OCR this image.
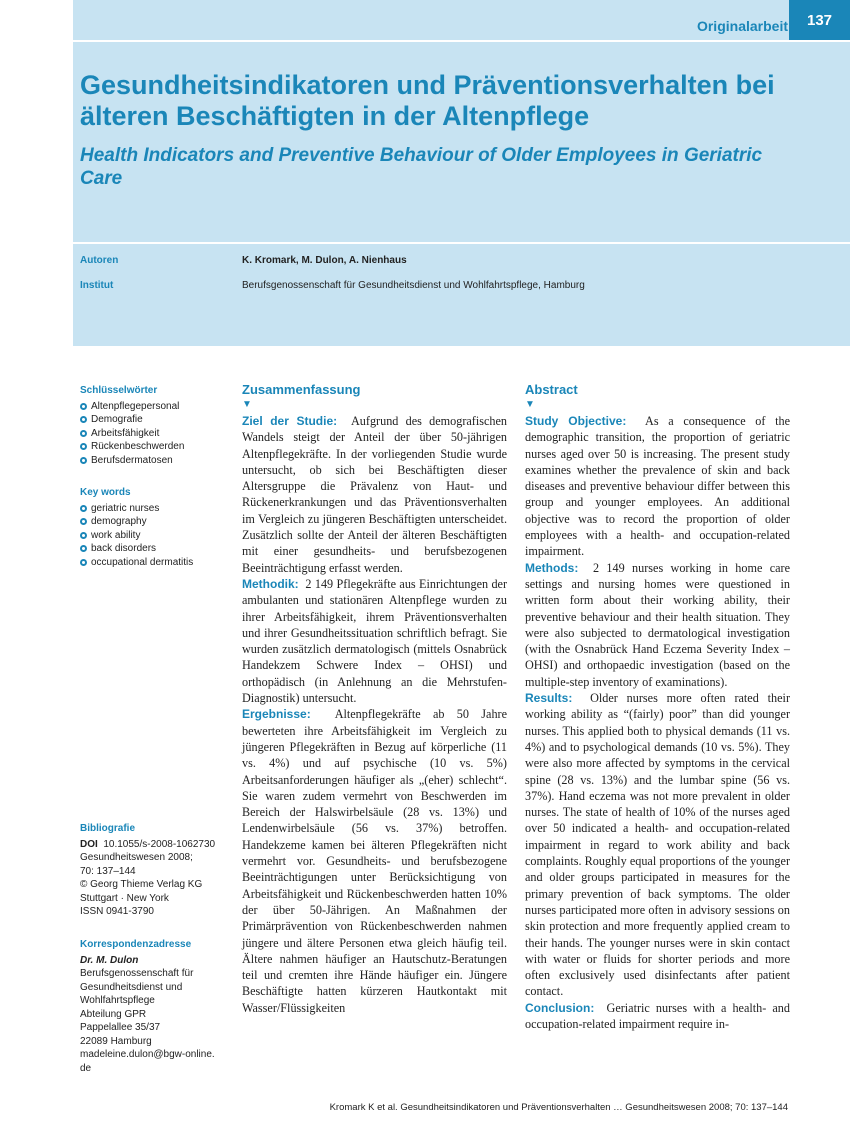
Originalarbeit	137
Gesundheitsindikatoren und Präventionsverhalten bei älteren Beschäftigten in der Altenpflege
Health Indicators and Preventive Behaviour of Older Employees in Geriatric Care
Autoren	K. Kromark, M. Dulon, A. Nienhaus
Institut	Berufsgenossenschaft für Gesundheitsdienst und Wohlfahrtspflege, Hamburg
Schlüsselwörter
Altenpflegepersonal
Demografie
Arbeitsfähigkeit
Rückenbeschwerden
Berufsdermatosen
Key words
geriatric nurses
demography
work ability
back disorders
occupational dermatitis
Bibliografie
DOI 10.1055/s-2008-1062730
Gesundheitswesen 2008;
70: 137–144
© Georg Thieme Verlag KG
Stuttgart · New York
ISSN 0941-3790
Korrespondenzadresse
Dr. M. Dulon
Berufsgenossenschaft für
Gesundheitsdienst und
Wohlfahrtspflege
Abteilung GPR
Pappelallee 35/37
22089 Hamburg
madeleine.dulon@bgw-online.
de
Zusammenfassung
▼

Ziel der Studie: Aufgrund des demografischen Wandels steigt der Anteil der über 50-jährigen Altenpflegekräfte. In der vorliegenden Studie wurde untersucht, ob sich bei Beschäftigten dieser Altersgruppe die Prävalenz von Haut- und Rückenerkrankungen und das Präventionsverhalten im Vergleich zu jüngeren Beschäftigten unterscheidet. Zusätzlich sollte der Anteil der älteren Beschäftigten mit einer gesundheits- und berufsbezogenen Beeinträchtigung erfasst werden.

Methodik: 2 149 Pflegekräfte aus Einrichtungen der ambulanten und stationären Altenpflege wurden zu ihrer Arbeitsfähigkeit, ihrem Präventionsverhalten und ihrer Gesundheitssituation schriftlich befragt. Sie wurden zusätzlich dermatologisch (mittels Osnabrück Handekzem Schwere Index – OHSI) und orthopädisch (in Anlehnung an die Mehrstufen-Diagnostik) untersucht.

Ergebnisse: Altenpflegekräfte ab 50 Jahre bewerteten ihre Arbeitsfähigkeit im Vergleich zu jüngeren Pflegekräften in Bezug auf körperliche (11 vs. 4%) und auf psychische (10 vs. 5%) Arbeitsanforderungen häufiger als „(eher) schlecht“. Sie waren zudem vermehrt von Beschwerden im Bereich der Halswirbelsäule (28 vs. 13%) und Lendenwirbelsäule (56 vs. 37%) betroffen. Handekzeme kamen bei älteren Pflegekräften nicht vermehrt vor. Gesundheits- und berufsbezogene Beeinträchtigungen unter Berücksichtigung von Arbeitsfähigkeit und Rückenbeschwerden hatten 10% der über 50-Jährigen. An Maßnahmen der Primärprävention von Rückenbeschwerden nahmen jüngere und ältere Personen etwa gleich häufig teil. Ältere nahmen häufiger an Hautschutz-Beratungen teil und cremten ihre Hände häufiger ein. Jüngere Beschäftigte hatten kürzeren Hautkontakt mit Wasser/Flüssigkeiten

Abstract
▼

Study Objective: As a consequence of the demographic transition, the proportion of geriatric nurses aged over 50 is increasing. The present study examines whether the prevalence of skin and back diseases and preventive behaviour differ between this group and younger employees. An additional objective was to record the proportion of older employees with a health- and occupation-related impairment.

Methods: 2 149 nurses working in home care settings and nursing homes were questioned in written form about their working ability, their preventive behaviour and their health situation. They were also subjected to dermatological investigation (with the Osnabrück Hand Eczema Severity Index – OHSI) and orthopaedic investigation (based on the multiple-step inventory of examinations).

Results: Older nurses more often rated their working ability as “(fairly) poor” than did younger nurses. This applied both to physical demands (11 vs. 4%) and to psychological demands (10 vs. 5%). They were also more affected by symptoms in the cervical spine (28 vs. 13%) and the lumbar spine (56 vs. 37%). Hand eczema was not more prevalent in older nurses. The state of health of 10% of the nurses aged over 50 indicated a health- and occupation-related impairment in regard to work ability and back complaints. Roughly equal proportions of the younger and older groups participated in measures for the primary prevention of back symptoms. The older nurses participated more often in advisory sessions on skin protection and more frequently applied cream to their hands. The younger nurses were in skin contact with water or fluids for shorter periods and more often exclusively used disinfectants after patient contact.

Conclusion: Geriatric nurses with a health- and occupation-related impairment require in-

Kromark K et al. Gesundheitsindikatoren und Präventionsverhalten … Gesundheitswesen 2008; 70: 137–144
